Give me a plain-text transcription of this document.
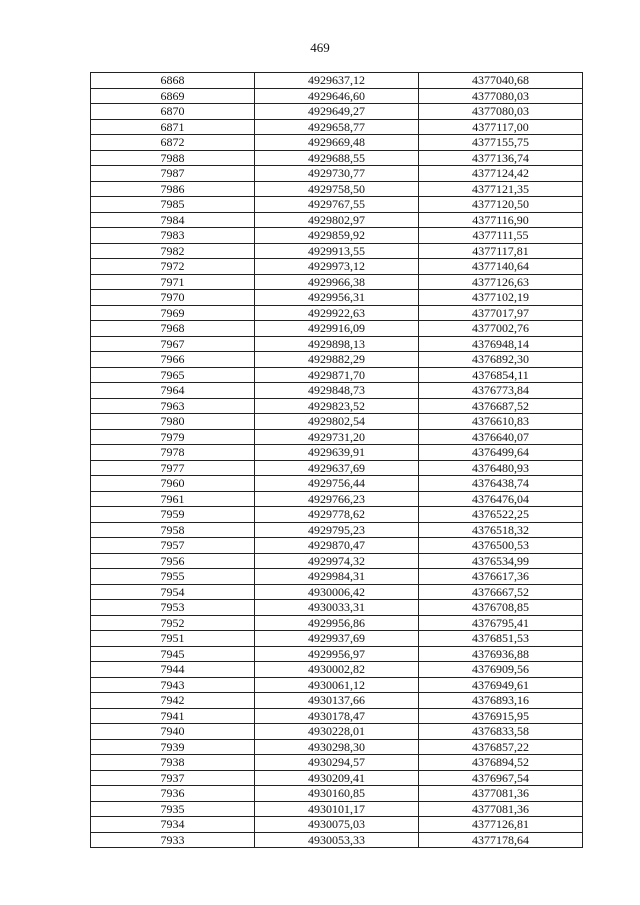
469
6868	4929637,12	4377040,68
6869	4929646,60	4377080,03
6870	4929649,27	4377080,03
6871	4929658,77	4377117,00
6872	4929669,48	4377155,75
7988	4929688,55	4377136,74
7987	4929730,77	4377124,42
7986	4929758,50	4377121,35
7985	4929767,55	4377120,50
7984	4929802,97	4377116,90
7983	4929859,92	4377111,55
7982	4929913,55	4377117,81
7972	4929973,12	4377140,64
7971	4929966,38	4377126,63
7970	4929956,31	4377102,19
7969	4929922,63	4377017,97
7968	4929916,09	4377002,76
7967	4929898,13	4376948,14
7966	4929882,29	4376892,30
7965	4929871,70	4376854,11
7964	4929848,73	4376773,84
7963	4929823,52	4376687,52
7980	4929802,54	4376610,83
7979	4929731,20	4376640,07
7978	4929639,91	4376499,64
7977	4929637,69	4376480,93
7960	4929756,44	4376438,74
7961	4929766,23	4376476,04
7959	4929778,62	4376522,25
7958	4929795,23	4376518,32
7957	4929870,47	4376500,53
7956	4929974,32	4376534,99
7955	4929984,31	4376617,36
7954	4930006,42	4376667,52
7953	4930033,31	4376708,85
7952	4929956,86	4376795,41
7951	4929937,69	4376851,53
7945	4929956,97	4376936,88
7944	4930002,82	4376909,56
7943	4930061,12	4376949,61
7942	4930137,66	4376893,16
7941	4930178,47	4376915,95
7940	4930228,01	4376833,58
7939	4930298,30	4376857,22
7938	4930294,57	4376894,52
7937	4930209,41	4376967,54
7936	4930160,85	4377081,36
7935	4930101,17	4377081,36
7934	4930075,03	4377126,81
7933	4930053,33	4377178,64
